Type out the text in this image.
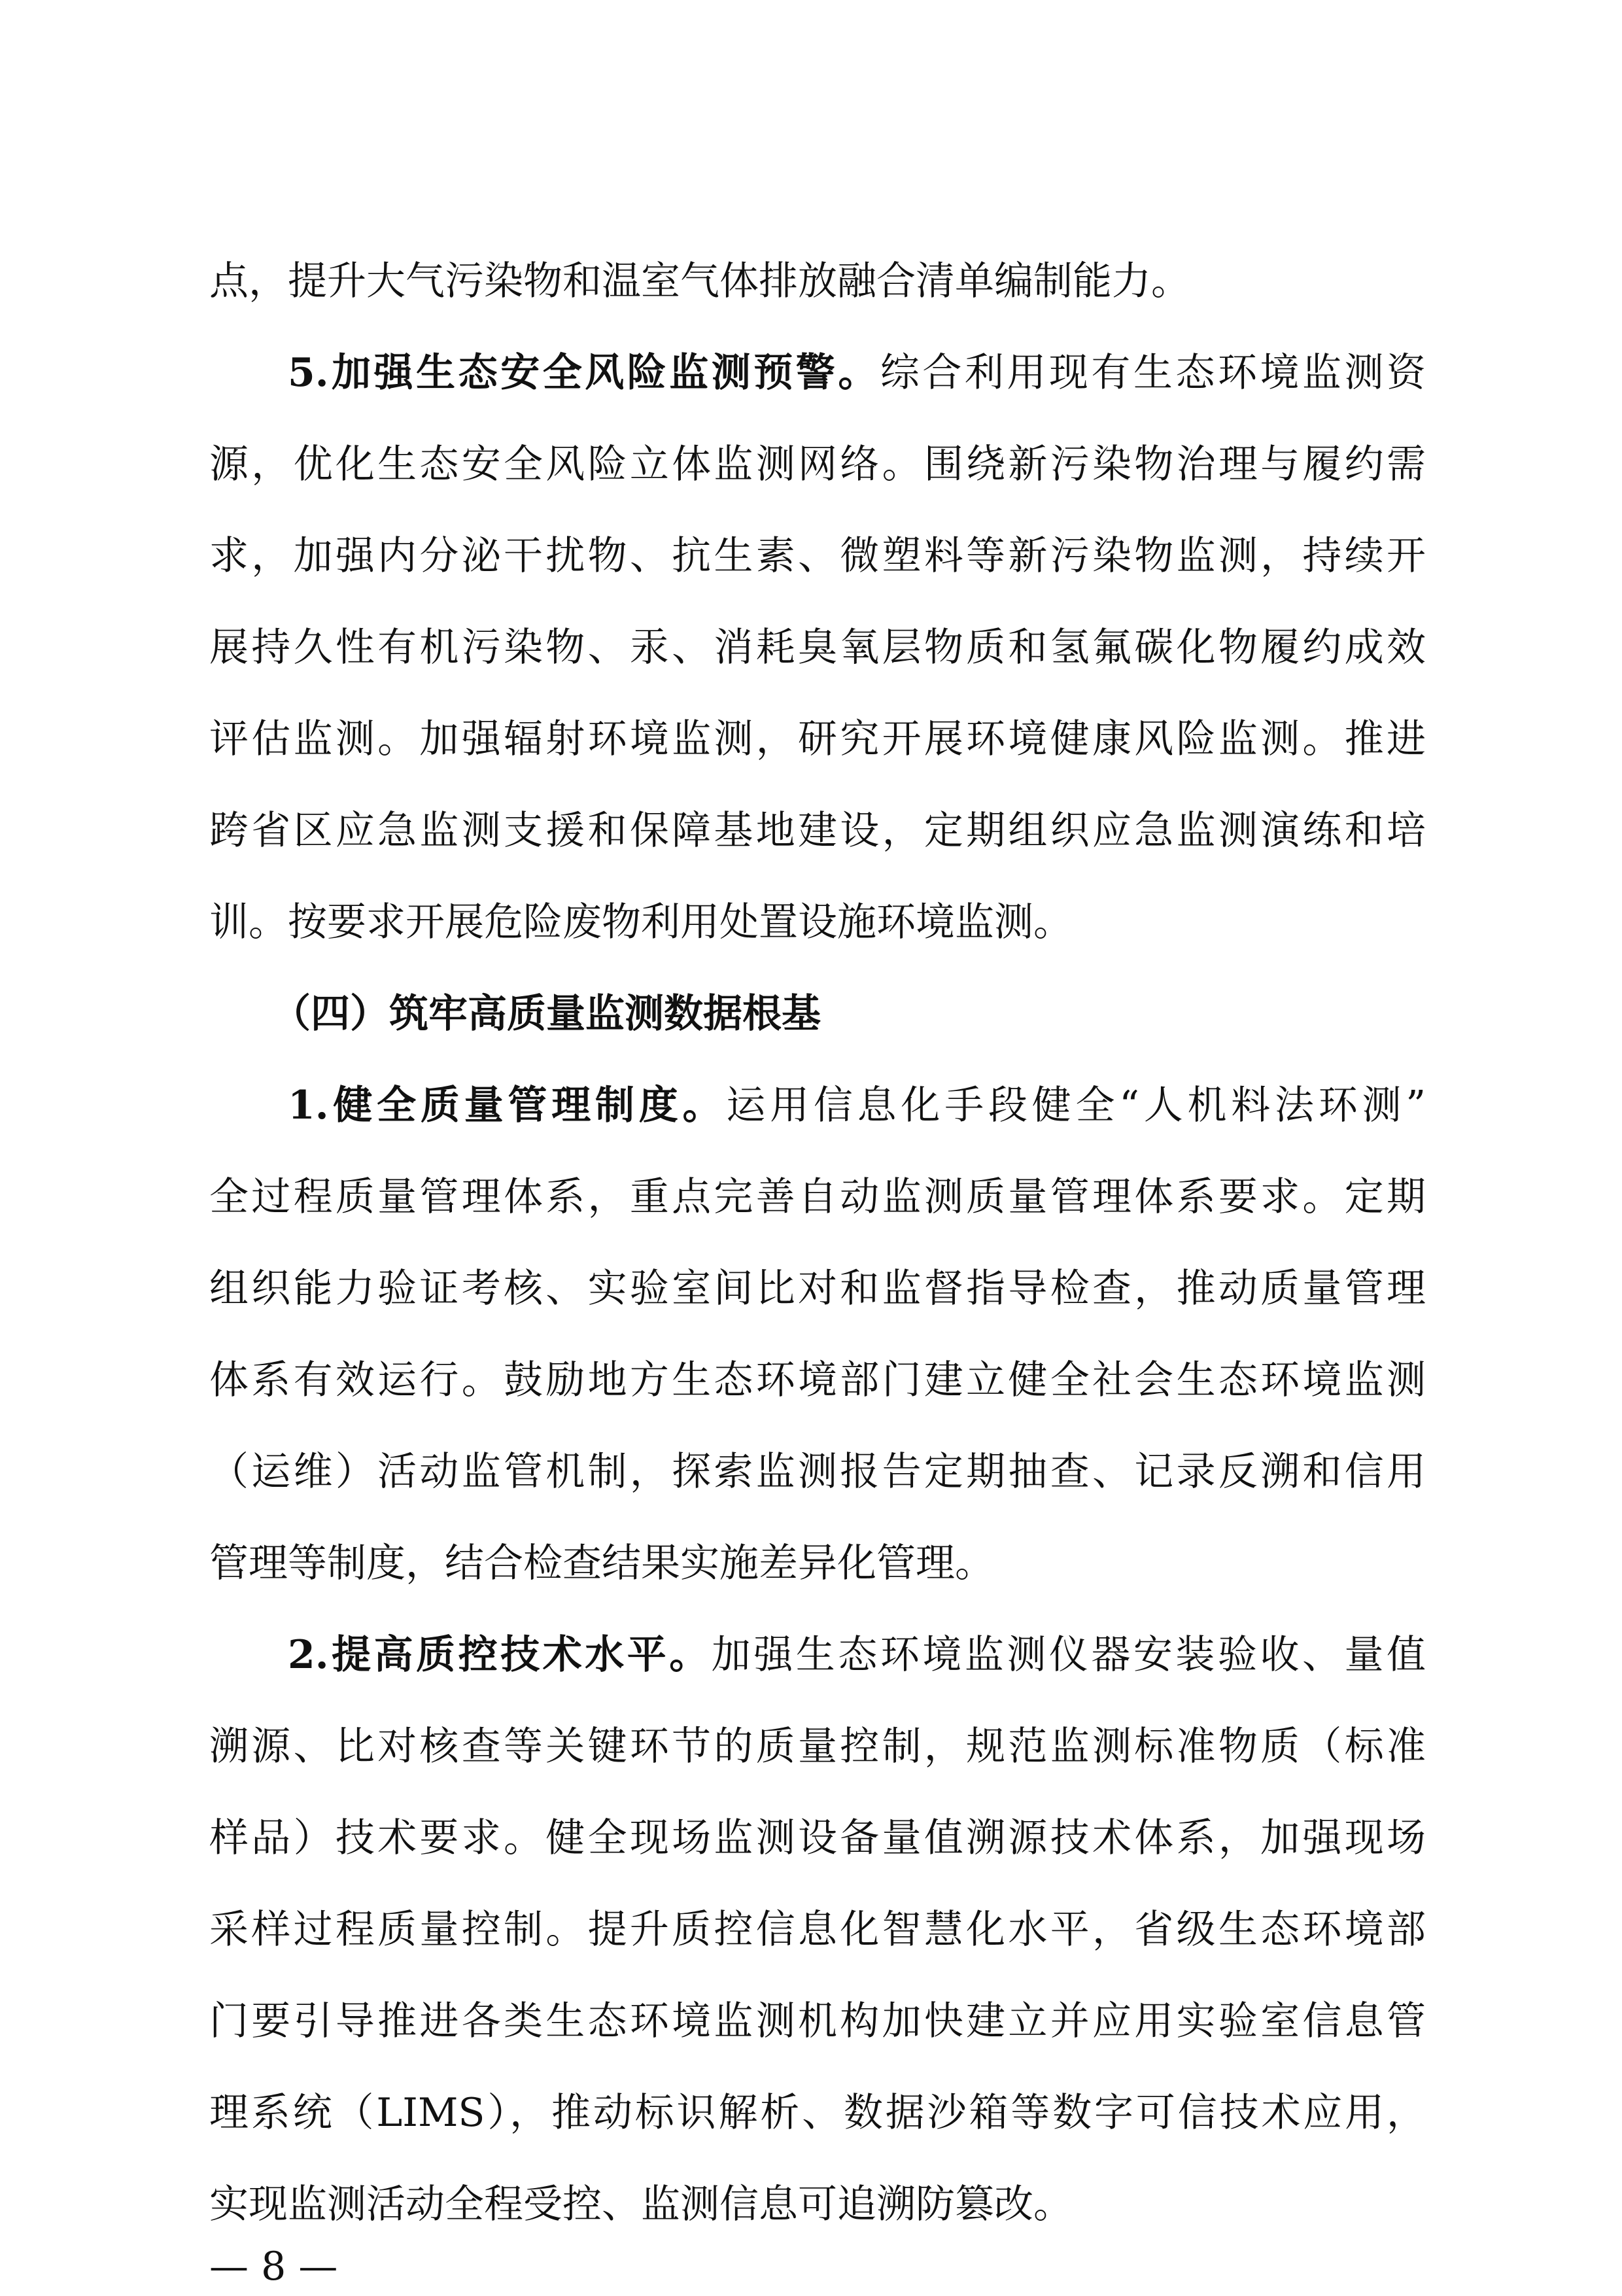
点，提升大气污染物和温室气体排放融合清单编制能力。
5.加强生态安全风险监测预警。综合利用现有生态环境监测资
源，优化生态安全风险立体监测网络。围绕新污染物治理与履约需
求，加强内分泌干扰物、抗生素、微塑料等新污染物监测，持续开
展持久性有机污染物、汞、消耗臭氧层物质和氢氟碳化物履约成效
评估监测。加强辐射环境监测，研究开展环境健康风险监测。推进
跨省区应急监测支援和保障基地建设，定期组织应急监测演练和培
训。按要求开展危险废物利用处置设施环境监测。
（四）筑牢高质量监测数据根基
1.健全质量管理制度。运用信息化手段健全“人机料法环测”
全过程质量管理体系，重点完善自动监测质量管理体系要求。定期
组织能力验证考核、实验室间比对和监督指导检查，推动质量管理
体系有效运行。鼓励地方生态环境部门建立健全社会生态环境监测
（运维）活动监管机制，探索监测报告定期抽查、记录反溯和信用
管理等制度，结合检查结果实施差异化管理。
2.提高质控技术水平。加强生态环境监测仪器安装验收、量值
溯源、比对核查等关键环节的质量控制，规范监测标准物质（标准
样品）技术要求。健全现场监测设备量值溯源技术体系，加强现场
采样过程质量控制。提升质控信息化智慧化水平，省级生态环境部
门要引导推进各类生态环境监测机构加快建立并应用实验室信息管
理系统（LIMS），推动标识解析、数据沙箱等数字可信技术应用，
实现监测活动全程受控、监测信息可追溯防篡改。
— 8 —
